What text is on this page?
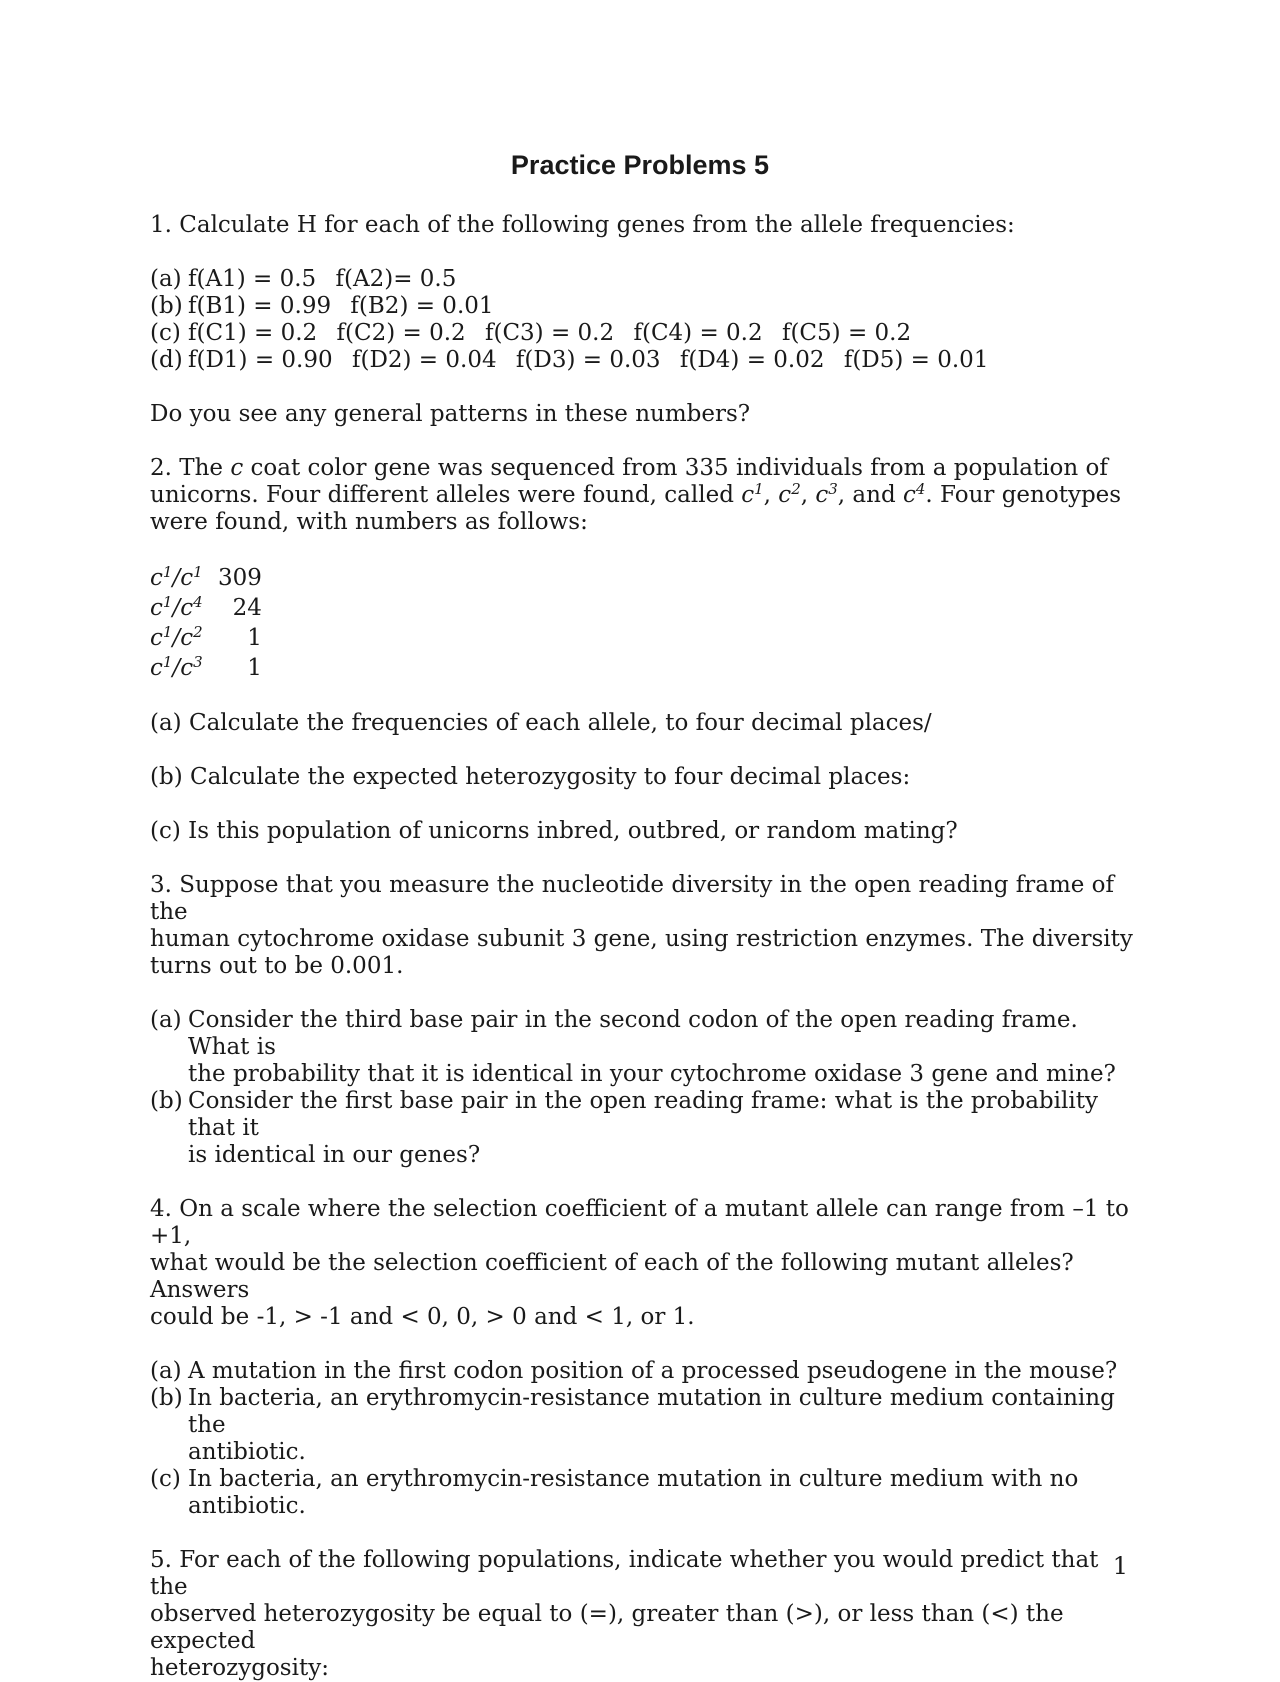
Practice Problems 5

1. Calculate H for each of the following genes from the allele frequencies:

(a) f(A1) = 0.5 f(A2)= 0.5
(b) f(B1) = 0.99 f(B2) = 0.01
(c) f(C1) = 0.2 f(C2) = 0.2 f(C3) = 0.2 f(C4) = 0.2 f(C5) = 0.2
(d) f(D1) = 0.90 f(D2) = 0.04 f(D3) = 0.03 f(D4) = 0.02 f(D5) = 0.01

Do you see any general patterns in these numbers?

2. The c coat color gene was sequenced from 335 individuals from a population of
unicorns. Four different alleles were found, called $c^1$, $c^2$, $c^3$, and $c^4$. Four genotypes
were found, with numbers as follows:

$c^1/c^1$	309
$c^1/c^4$	24
$c^1/c^2$	1
$c^1/c^3$	1

(a) Calculate the frequencies of each allele, to four decimal places/

(b) Calculate the expected heterozygosity to four decimal places:

(c) Is this population of unicorns inbred, outbred, or random mating?

3. Suppose that you measure the nucleotide diversity in the open reading frame of the
human cytochrome oxidase subunit 3 gene, using restriction enzymes. The diversity
turns out to be 0.001.

(a) Consider the third base pair in the second codon of the open reading frame. What is
the probability that it is identical in your cytochrome oxidase 3 gene and mine?
(b) Consider the first base pair in the open reading frame: what is the probability that it
is identical in our genes?

4. On a scale where the selection coefficient of a mutant allele can range from –1 to +1,
what would be the selection coefficient of each of the following mutant alleles? Answers
could be -1, > -1 and < 0, 0, > 0 and < 1, or 1.

(a) A mutation in the first codon position of a processed pseudogene in the mouse?
(b) In bacteria, an erythromycin-resistance mutation in culture medium containing the
antibiotic.
(c) In bacteria, an erythromycin-resistance mutation in culture medium with no
antibiotic.

5. For each of the following populations, indicate whether you would predict that the
observed heterozygosity be equal to (=), greater than (>), or less than (<) the expected
heterozygosity:

1
